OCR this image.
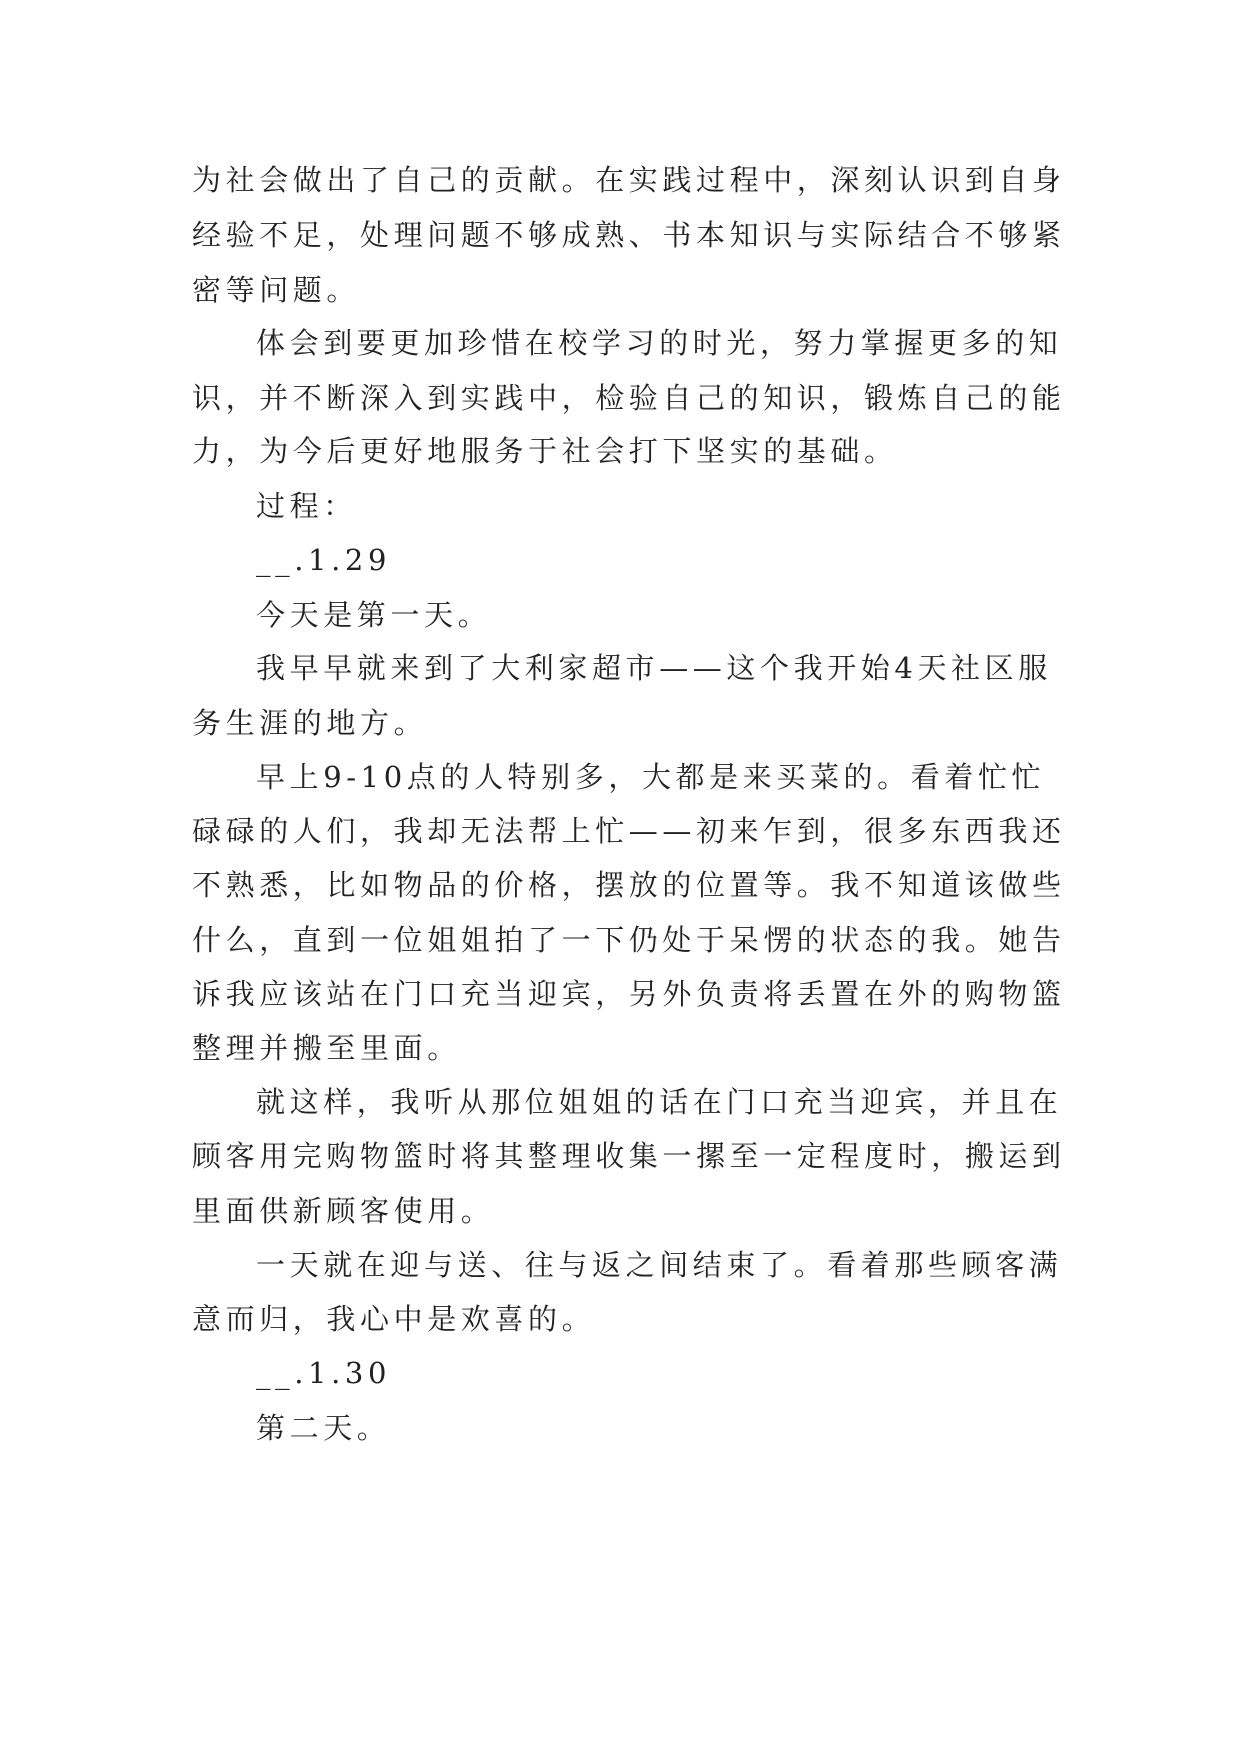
为社会做出了自己的贡献。在实践过程中，深刻认识到自身
经验不足，处理问题不够成熟、书本知识与实际结合不够紧
密等问题。
体会到要更加珍惜在校学习的时光，努力掌握更多的知
识，并不断深入到实践中，检验自己的知识，锻炼自己的能
力，为今后更好地服务于社会打下坚实的基础。
过程：
__.1.29
今天是第一天。
我早早就来到了大利家超市——这个我开始4天社区服
务生涯的地方。
早上9-10点的人特别多，大都是来买菜的。看着忙忙
碌碌的人们，我却无法帮上忙——初来乍到，很多东西我还
不熟悉，比如物品的价格，摆放的位置等。我不知道该做些
什么，直到一位姐姐拍了一下仍处于呆愣的状态的我。她告
诉我应该站在门口充当迎宾，另外负责将丢置在外的购物篮
整理并搬至里面。
就这样，我听从那位姐姐的话在门口充当迎宾，并且在
顾客用完购物篮时将其整理收集一摞至一定程度时，搬运到
里面供新顾客使用。
一天就在迎与送、往与返之间结束了。看着那些顾客满
意而归，我心中是欢喜的。
__.1.30
第二天。
